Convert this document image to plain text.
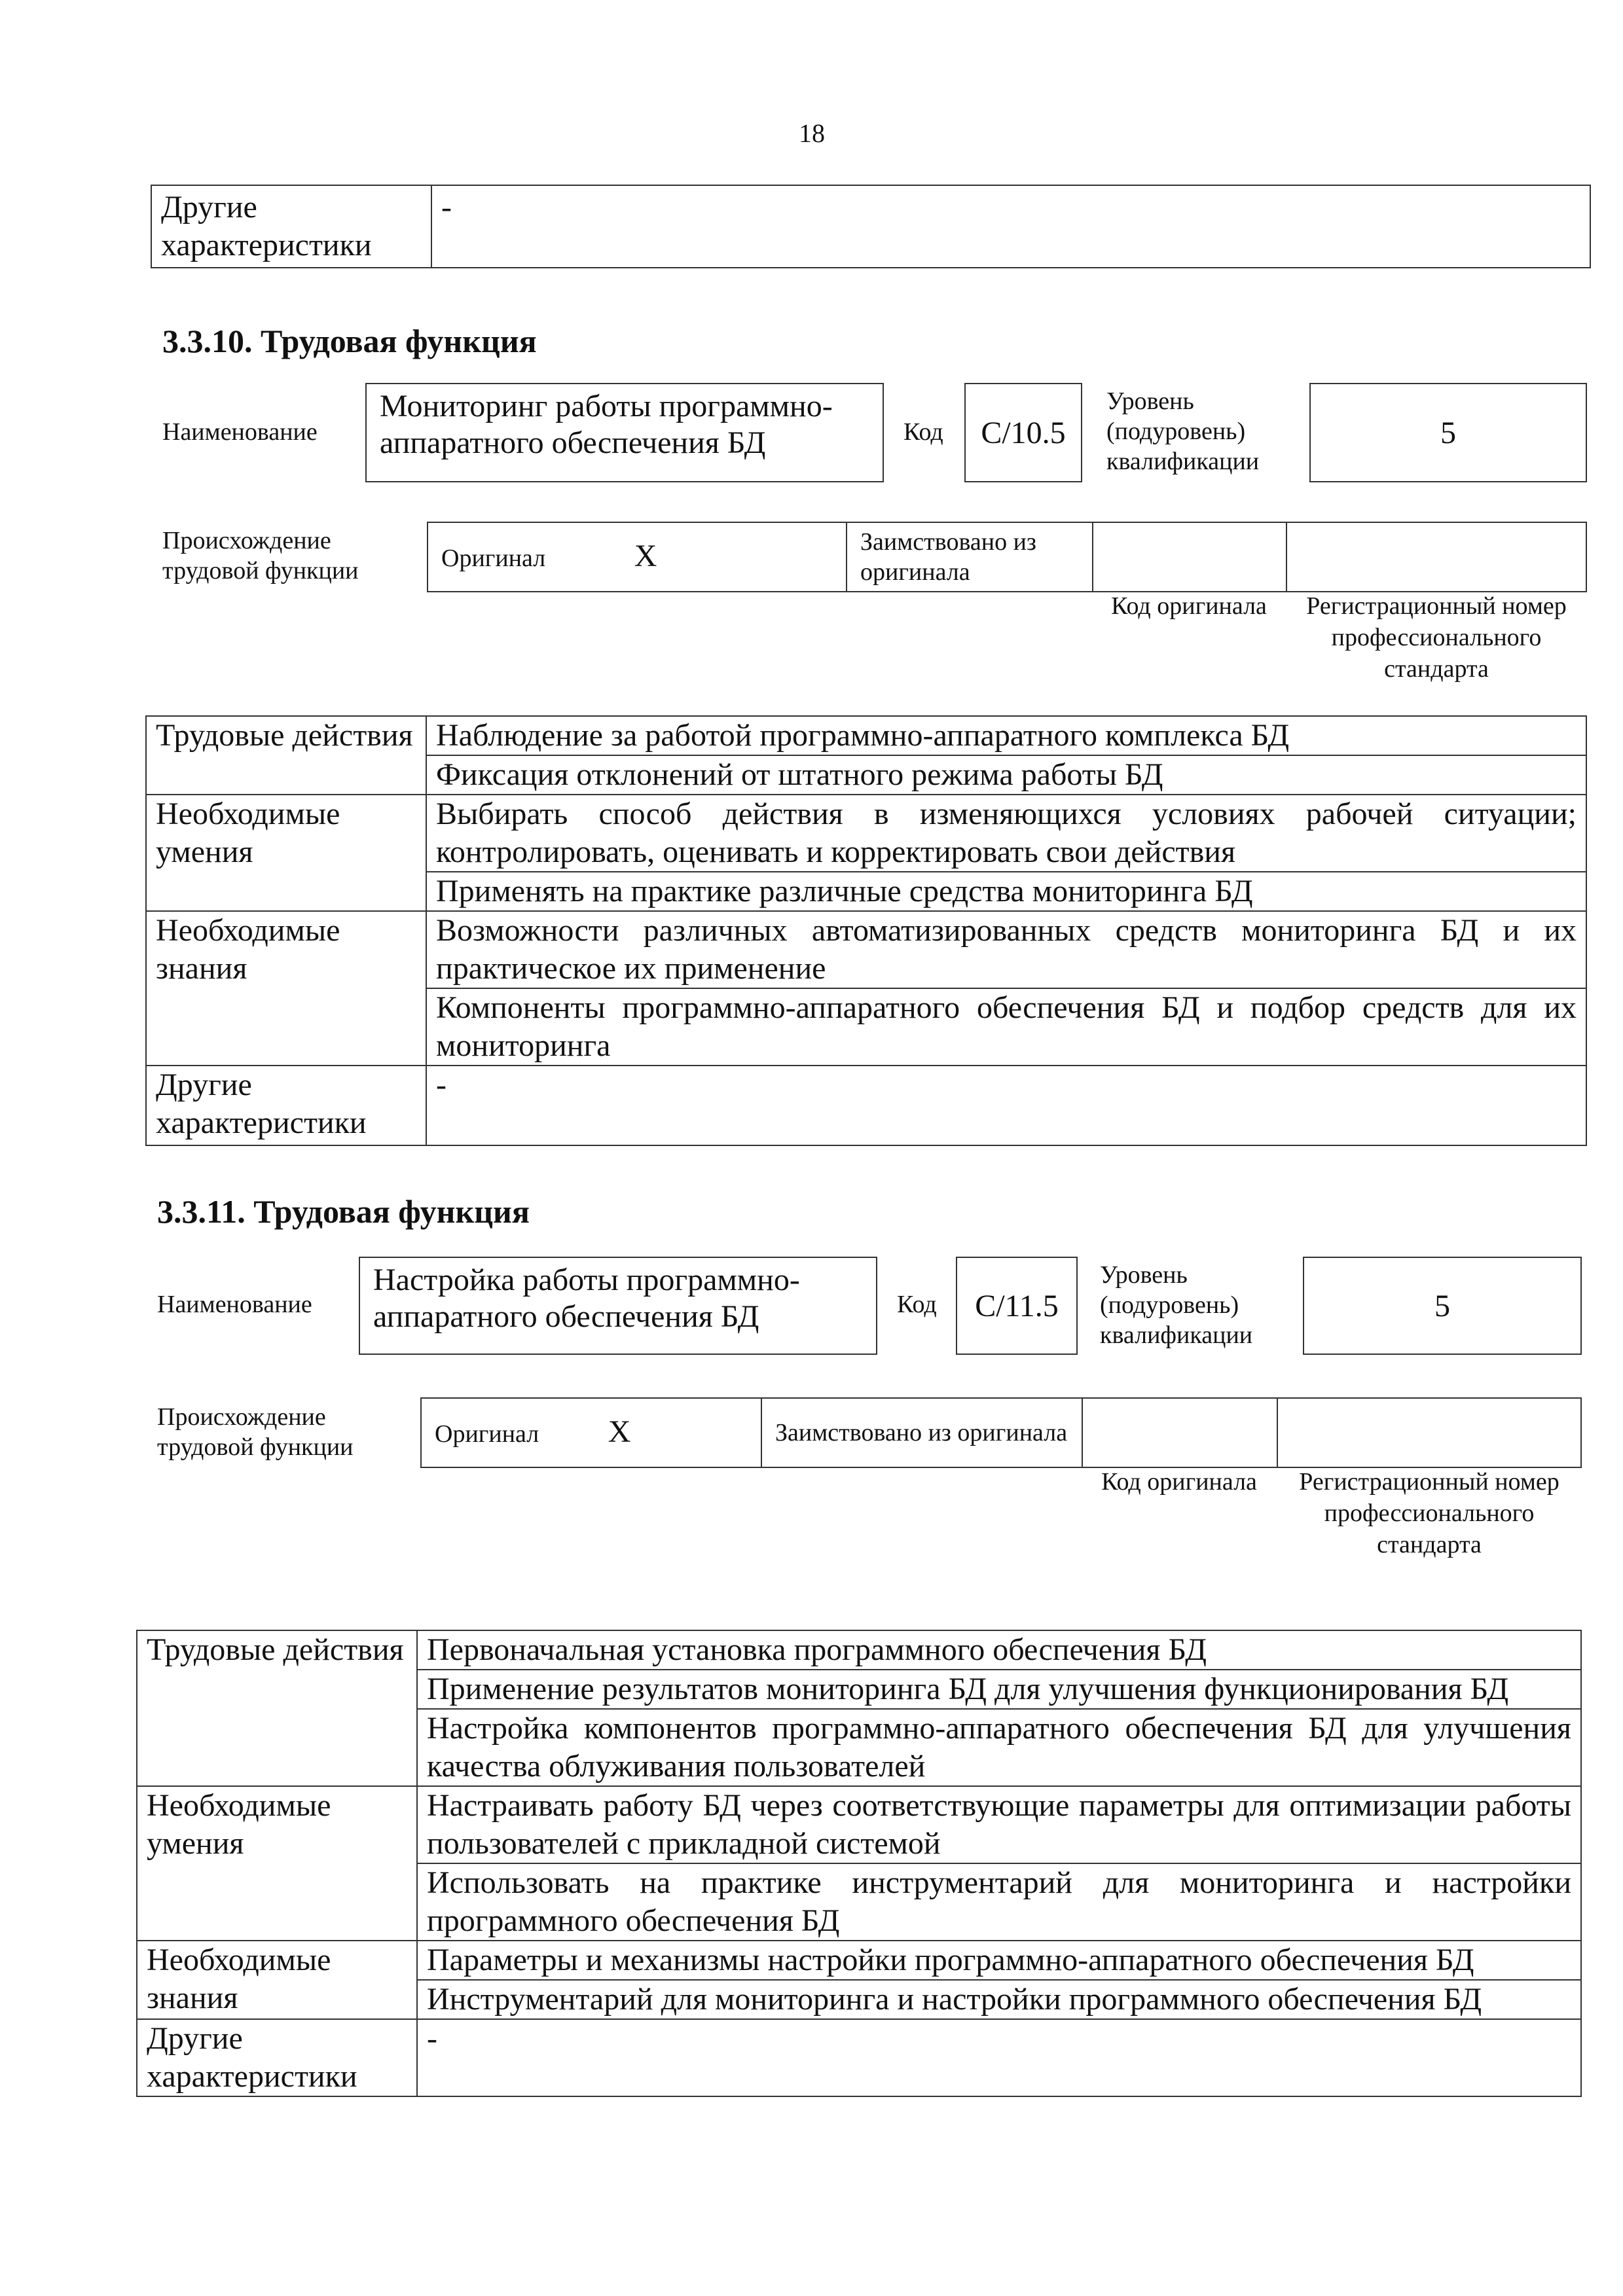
18
Другие характеристики	-
3.3.10. Трудовая функция
Наименование
Мониторинг работы программно-аппаратного обеспечения БД	Код	C/10.5
Уровень (подуровень) квалификации
5
Происхождение трудовой функции	Оригинал	X	Заимствовано из оригинала		
Код оригинала	Регистрационный номер профессионального стандарта
Трудовые действия	Наблюдение за работой программно-аппаратного комплекса БД
	Фиксация отклонений от штатного режима работы БД
Необходимые умения	Выбирать способ действия в изменяющихся условиях рабочей ситуации; контролировать, оценивать и корректировать свои действия
	Применять на практике различные средства мониторинга БД
Необходимые знания	Возможности различных автоматизированных средств мониторинга БД и их практическое их применение
	Компоненты программно-аппаратного обеспечения БД и подбор средств для их мониторинга
Другие характеристики	-
3.3.11. Трудовая функция
Наименование
Настройка работы программно-аппаратного обеспечения БД	Код	C/11.5
Уровень (подуровень) квалификации
5
Происхождение трудовой функции	Оригинал X	Заимствовано из оригинала		
Код оригинала	Регистрационный номер профессионального стандарта
Трудовые действия	Первоначальная установка программного обеспечения БД
	Применение результатов мониторинга БД для улучшения функционирования БД
	Настройка компонентов программно-аппаратного обеспечения БД для улучшения качества облуживания пользователей
Необходимые умения	Настраивать работу БД через соответствующие параметры для оптимизации работы пользователей с прикладной системой
	Использовать на практике инструментарий для мониторинга и настройки программного обеспечения БД
Необходимые знания	Параметры и механизмы настройки программно-аппаратного обеспечения БД
	Инструментарий для мониторинга и настройки программного обеспечения БД
Другие характеристики	-
